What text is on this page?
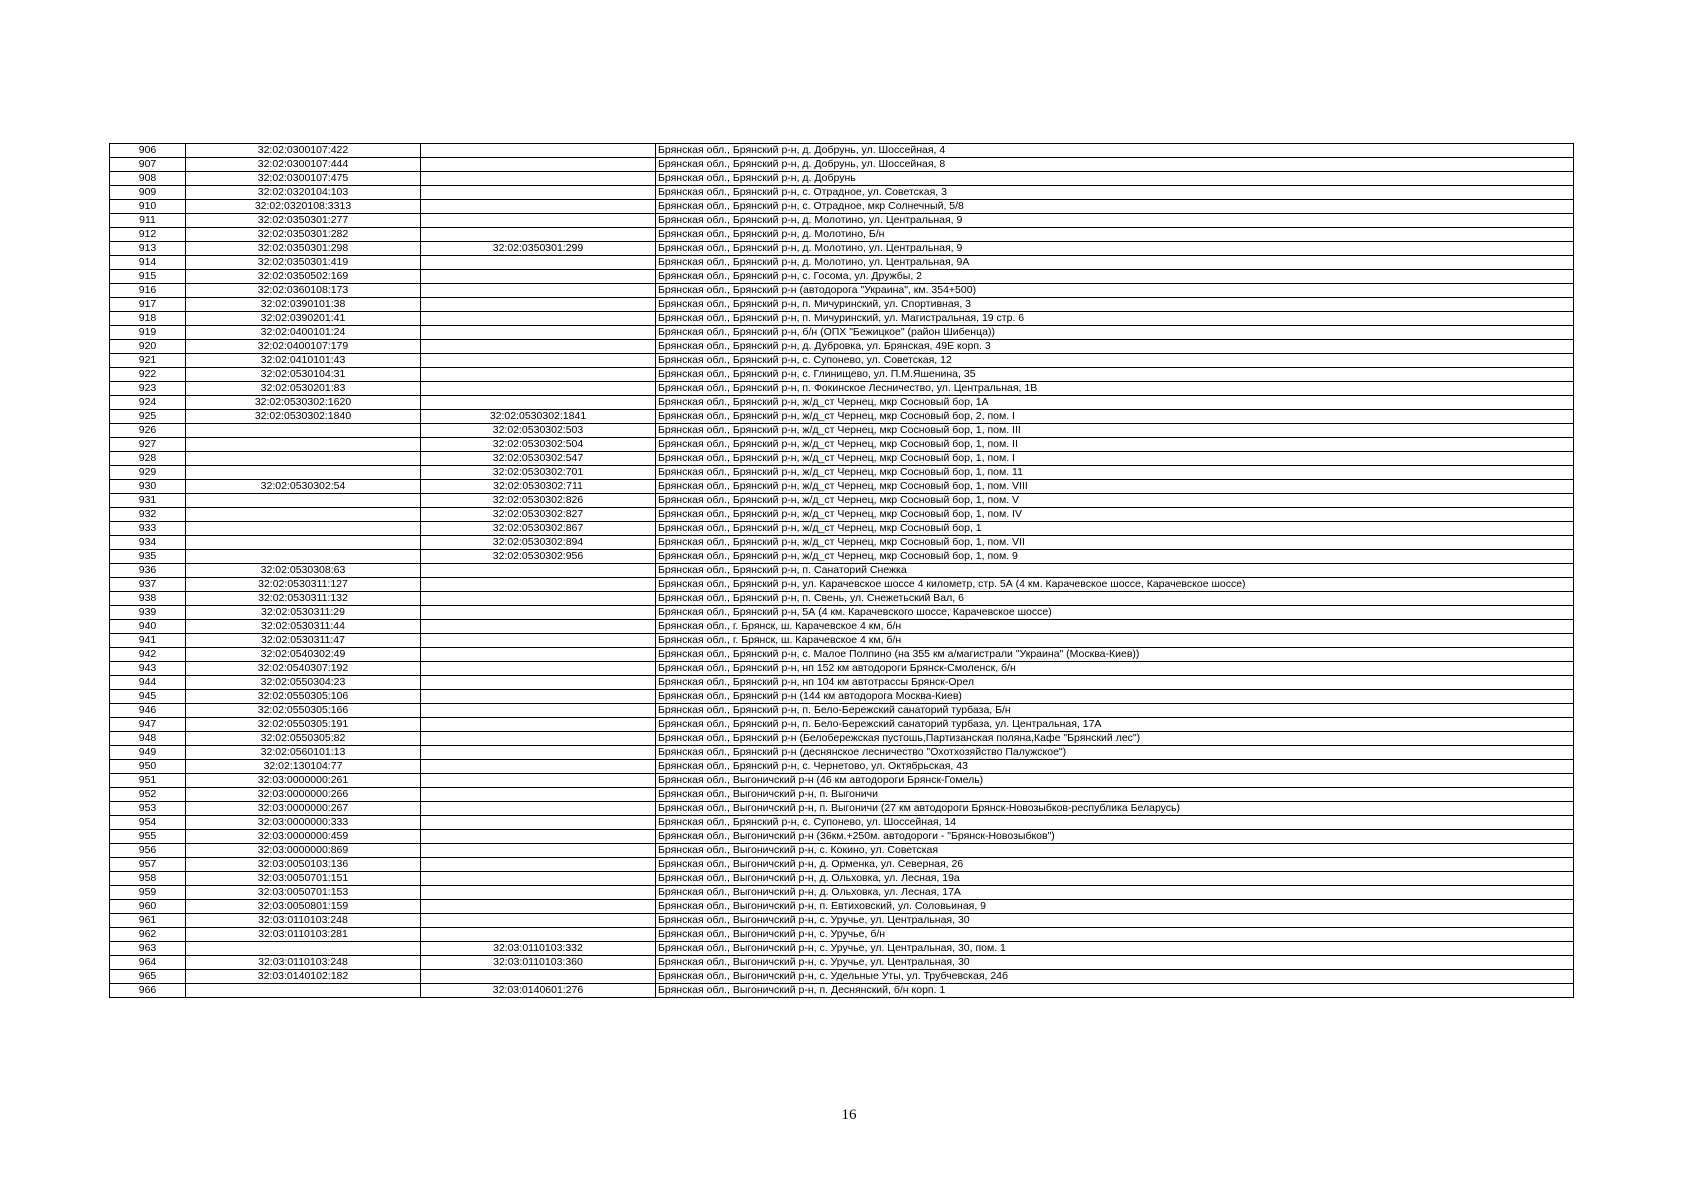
906	32:02:0300107:422		Брянская обл., Брянский р-н, д. Добрунь, ул. Шоссейная, 4
907	32:02:0300107:444		Брянская обл., Брянский р-н, д. Добрунь, ул. Шоссейная, 8
908	32:02:0300107:475		Брянская обл., Брянский р-н, д. Добрунь
909	32:02:0320104:103		Брянская обл., Брянский р-н, с. Отрадное, ул. Советская, 3
910	32:02:0320108:3313		Брянская обл., Брянский р-н, с. Отрадное, мкр Солнечный, 5/8
911	32:02:0350301:277		Брянская обл., Брянский р-н, д. Молотино, ул. Центральная, 9
912	32:02:0350301:282		Брянская обл., Брянский р-н, д. Молотино, Б/н
913	32:02:0350301:298	32:02:0350301:299	Брянская обл., Брянский р-н, д. Молотино, ул. Центральная, 9
914	32:02:0350301:419		Брянская обл., Брянский р-н, д. Молотино, ул. Центральная, 9А
915	32:02:0350502:169		Брянская обл., Брянский р-н, с. Госома, ул. Дружбы, 2
916	32:02:0360108:173		Брянская обл., Брянский р-н (автодорога "Украина", км. 354+500)
917	32:02:0390101:38		Брянская обл., Брянский р-н, п. Мичуринский, ул. Спортивная, 3
918	32:02:0390201:41		Брянская обл., Брянский р-н, п. Мичуринский, ул. Магистральная, 19 стр. 6
919	32:02:0400101:24		Брянская обл., Брянский р-н, б/н (ОПХ "Бежицкое" (район Шибенца))
920	32:02:0400107:179		Брянская обл., Брянский р-н, д. Дубровка, ул. Брянская, 49Е корп. 3
921	32:02:0410101:43		Брянская обл., Брянский р-н, с. Супонево, ул. Советская, 12
922	32:02:0530104:31		Брянская обл., Брянский р-н, с. Глинищево, ул. П.М.Яшенина, 35
923	32:02:0530201:83		Брянская обл., Брянский р-н, п. Фокинское Лесничество, ул. Центральная, 1В
924	32:02:0530302:1620		Брянская обл., Брянский р-н, ж/д_ст Чернец, мкр Сосновый бор, 1А
925	32:02:0530302:1840	32:02:0530302:1841	Брянская обл., Брянский р-н, ж/д_ст Чернец, мкр Сосновый бор, 2, пом. I
926		32:02:0530302:503	Брянская обл., Брянский р-н, ж/д_ст Чернец, мкр Сосновый бор, 1, пом. III
927		32:02:0530302:504	Брянская обл., Брянский р-н, ж/д_ст Чернец, мкр Сосновый бор, 1, пом. II
928		32:02:0530302:547	Брянская обл., Брянский р-н, ж/д_ст Чернец, мкр Сосновый бор, 1, пом. I
929		32:02:0530302:701	Брянская обл., Брянский р-н, ж/д_ст Чернец, мкр Сосновый бор, 1, пом. 11
930	32:02:0530302:54	32:02:0530302:711	Брянская обл., Брянский р-н, ж/д_ст Чернец, мкр Сосновый бор, 1, пом. VIII
931		32:02:0530302:826	Брянская обл., Брянский р-н, ж/д_ст Чернец, мкр Сосновый бор, 1, пом. V
932		32:02:0530302:827	Брянская обл., Брянский р-н, ж/д_ст Чернец, мкр Сосновый бор, 1, пом. IV
933		32:02:0530302:867	Брянская обл., Брянский р-н, ж/д_ст Чернец, мкр Сосновый бор, 1
934		32:02:0530302:894	Брянская обл., Брянский р-н, ж/д_ст Чернец, мкр Сосновый бор, 1, пом. VII
935		32:02:0530302:956	Брянская обл., Брянский р-н, ж/д_ст Чернец, мкр Сосновый бор, 1, пом. 9
936	32:02:0530308:63		Брянская обл., Брянский р-н, п. Санаторий Снежка
937	32:02:0530311:127		Брянская обл., Брянский р-н, ул. Карачевское шоссе 4 километр, стр. 5А (4 км. Карачевское шоссе, Карачевское шоссе)
938	32:02:0530311:132		Брянская обл., Брянский р-н, п. Свень, ул. Снежетьский Вал, 6
939	32:02:0530311:29		Брянская обл., Брянский р-н, 5А (4 км. Карачевского шоссе, Карачевское шоссе)
940	32:02:0530311:44		Брянская обл., г. Брянск, ш. Карачевское 4 км, б/н
941	32:02:0530311:47		Брянская обл., г. Брянск, ш. Карачевское 4 км, б/н
942	32:02:0540302:49		Брянская обл., Брянский р-н, с. Малое Полпино (на 355 км а/магистрали "Украина" (Москва-Киев))
943	32:02:0540307:192		Брянская обл., Брянский р-н, нп 152 км автодороги Брянск-Смоленск, б/н
944	32:02:0550304:23		Брянская обл., Брянский р-н, нп 104 км автотрассы Брянск-Орел
945	32:02:0550305:106		Брянская обл., Брянский р-н (144 км автодорога Москва-Киев)
946	32:02:0550305:166		Брянская обл., Брянский р-н, п. Бело-Бережский санаторий турбаза, Б/н
947	32:02:0550305:191		Брянская обл., Брянский р-н, п. Бело-Бережский санаторий турбаза, ул. Центральная, 17А
948	32:02:0550305:82		Брянская обл., Брянский р-н (Белобережская пустошь,Партизанская поляна,Кафе "Брянский лес")
949	32:02:0560101:13		Брянская обл., Брянский р-н (деснянское лесничество "Охотхозяйство Палужское")
950	32:02:130104:77		Брянская обл., Брянский р-н, с. Чернетово, ул. Октябрьская, 43
951	32:03:0000000:261		Брянская обл., Выгоничский р-н (46 км автодороги Брянск-Гомель)
952	32:03:0000000:266		Брянская обл., Выгоничский р-н, п. Выгоничи
953	32:03:0000000:267		Брянская обл., Выгоничский р-н, п. Выгоничи (27 км автодороги Брянск-Новозыбков-республика Беларусь)
954	32:03:0000000:333		Брянская обл., Брянский р-н, с. Супонево, ул. Шоссейная, 14
955	32:03:0000000:459		Брянская обл., Выгоничский р-н (36км.+250м. автодороги - "Брянск-Новозыбков")
956	32:03:0000000:869		Брянская обл., Выгоничский р-н, с. Кокино, ул. Советская
957	32:03:0050103:136		Брянская обл., Выгоничский р-н, д. Орменка, ул. Северная, 26
958	32:03:0050701:151		Брянская обл., Выгоничский р-н, д. Ольховка, ул. Лесная, 19а
959	32:03:0050701:153		Брянская обл., Выгоничский р-н, д. Ольховка, ул. Лесная, 17А
960	32:03:0050801:159		Брянская обл., Выгоничский р-н, п. Евтиховский, ул. Соловьиная, 9
961	32:03:0110103:248		Брянская обл., Выгоничский р-н, с. Уручье, ул. Центральная, 30
962	32:03:0110103:281		Брянская обл., Выгоничский р-н, с. Уручье, б/н
963		32:03:0110103:332	Брянская обл., Выгоничский р-н, с. Уручье, ул. Центральная, 30, пом. 1
964	32:03:0110103:248	32:03:0110103:360	Брянская обл., Выгоничский р-н, с. Уручье, ул. Центральная, 30
965	32:03:0140102:182		Брянская обл., Выгоничский р-н, с. Удельные Уты, ул. Трубчевская, 24б
966		32:03:0140601:276	Брянская обл., Выгоничский р-н, п. Деснянский, б/н корп. 1
16
